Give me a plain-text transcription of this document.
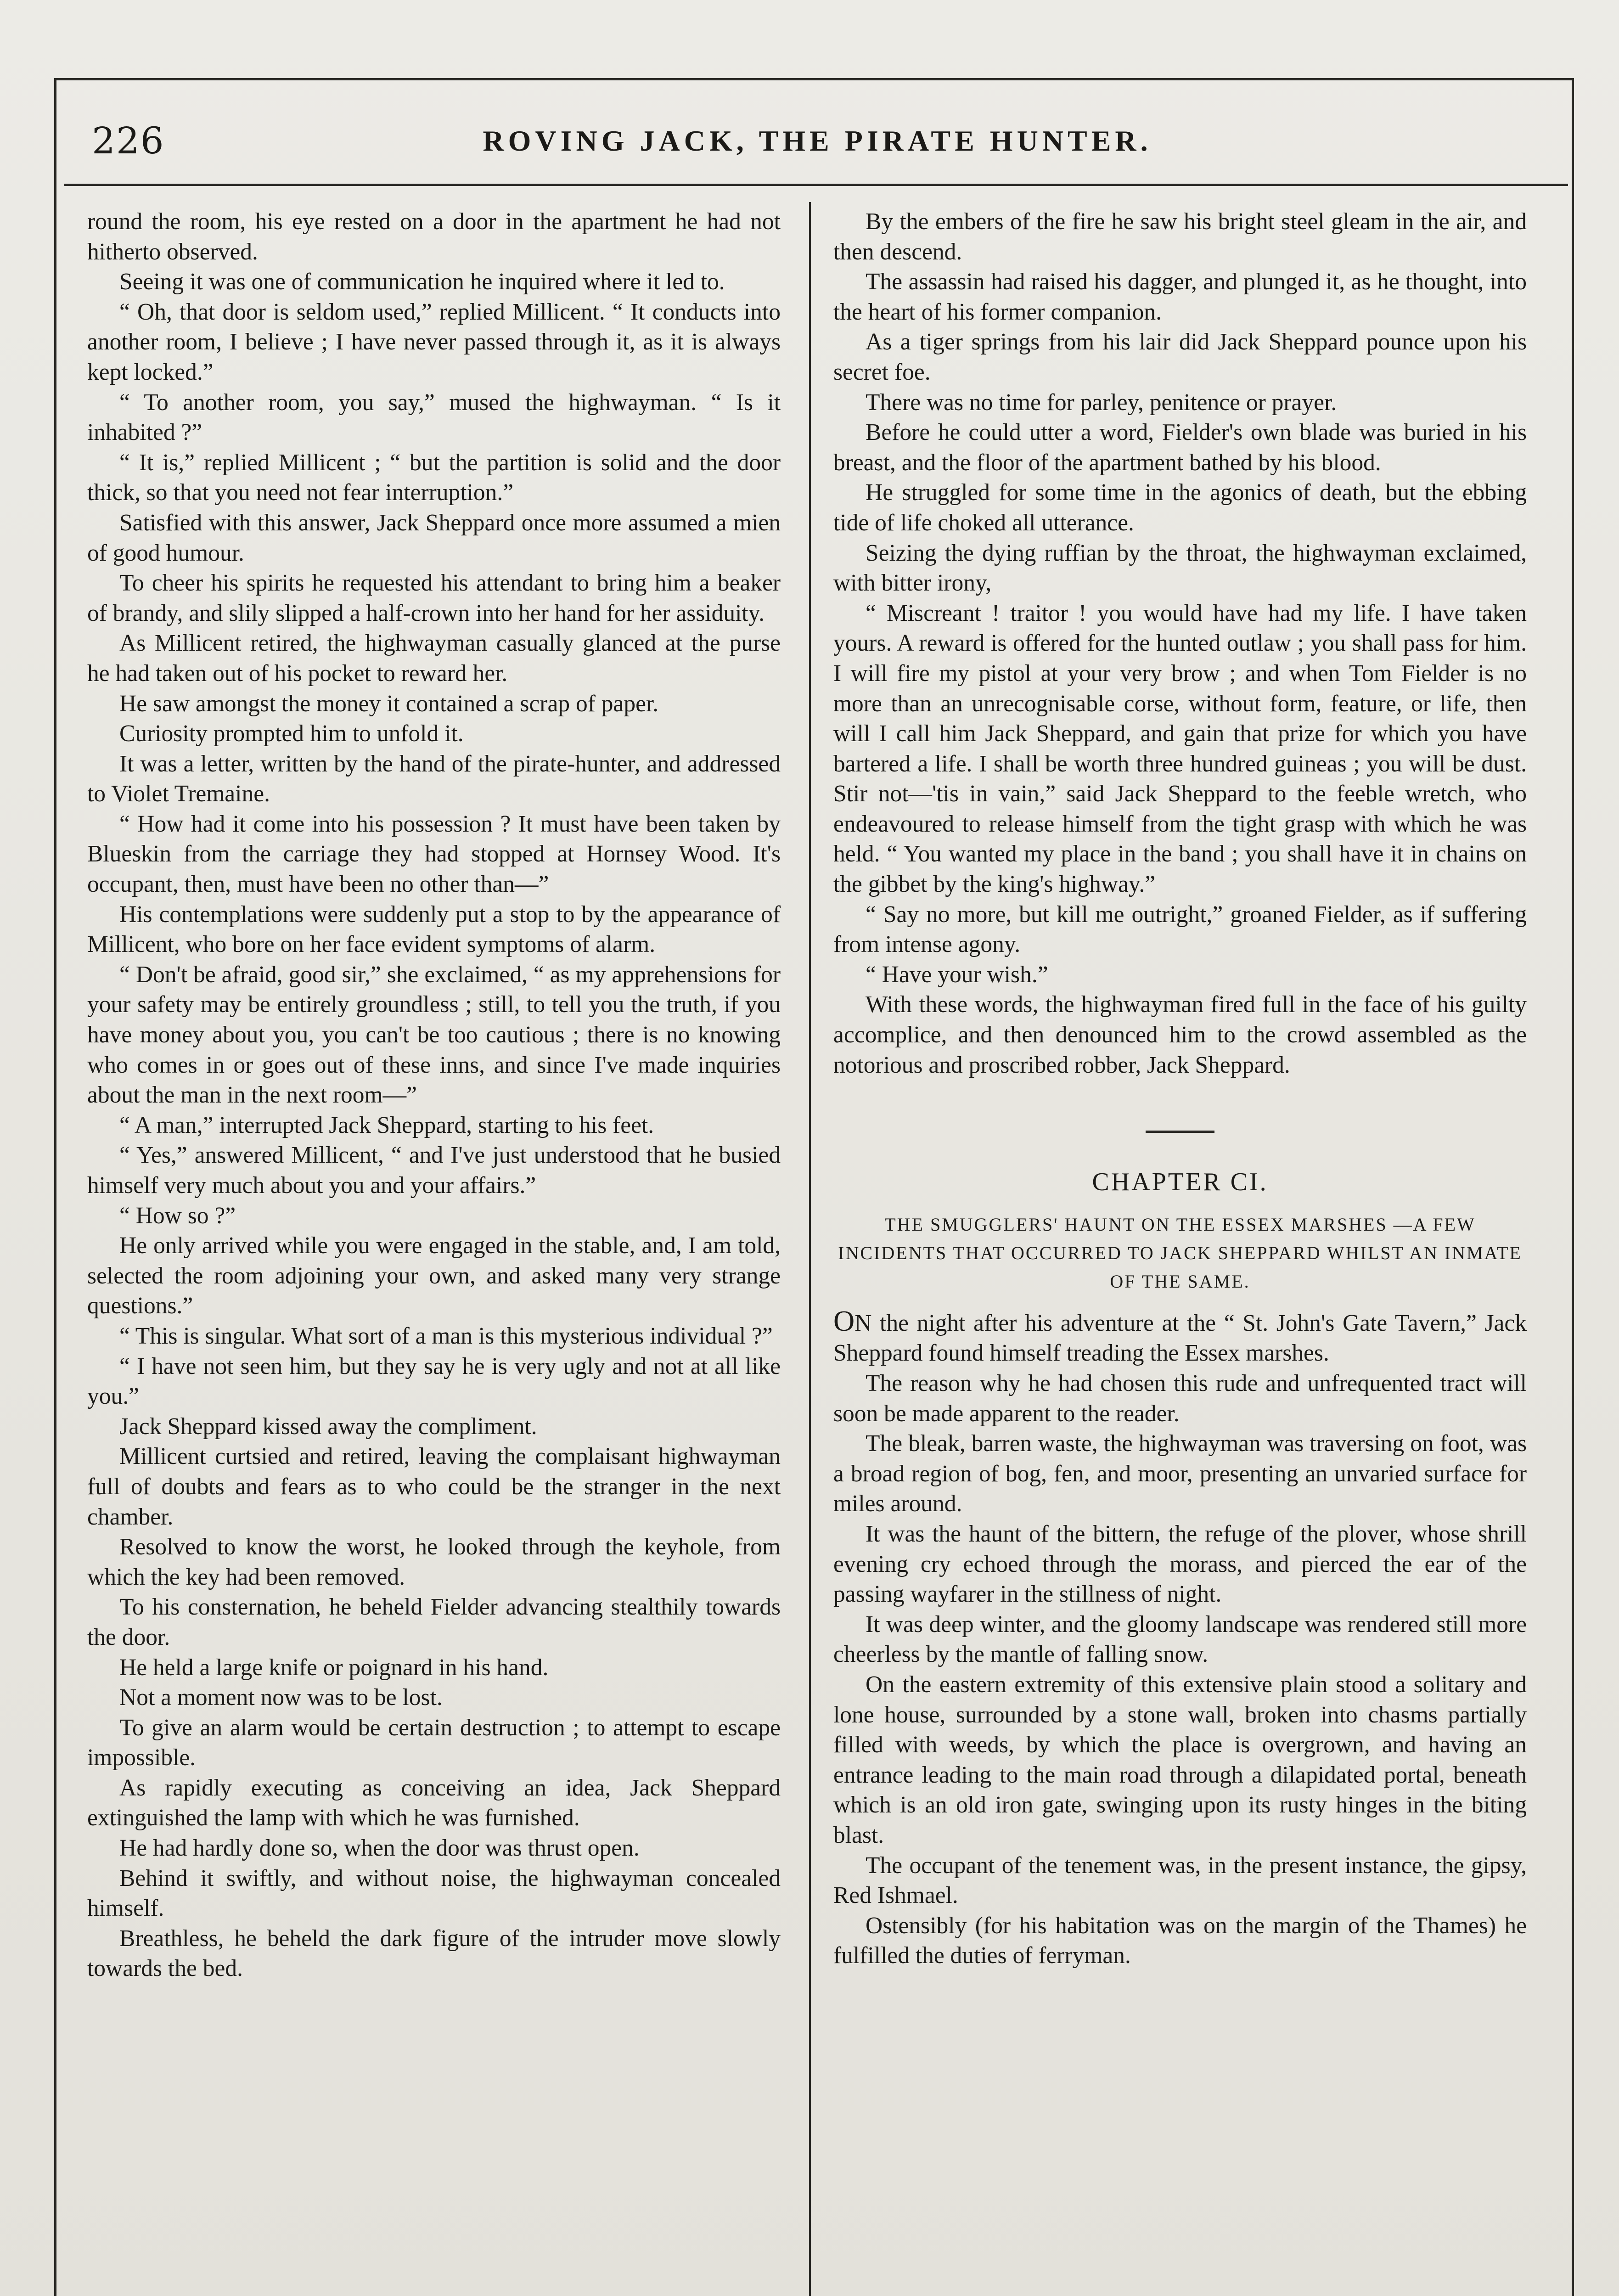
226	ROVING JACK, THE PIRATE HUNTER.

round the room, his eye rested on a door in the apartment he had not hitherto observed.

Seeing it was one of communication he inquired where it led to.

“ Oh, that door is seldom used,” replied Millicent. “ It conducts into another room, I believe ; I have never passed through it, as it is always kept locked.”

“ To another room, you say,” mused the highwayman. “ Is it inhabited ?”

“ It is,” replied Millicent ; “ but the partition is solid and the door thick, so that you need not fear interruption.”

Satisfied with this answer, Jack Sheppard once more assumed a mien of good humour.

To cheer his spirits he requested his attendant to bring him a beaker of brandy, and slily slipped a half-crown into her hand for her assiduity.

As Millicent retired, the highwayman casually glanced at the purse he had taken out of his pocket to reward her.

He saw amongst the money it contained a scrap of paper.

Curiosity prompted him to unfold it.

It was a letter, written by the hand of the pirate-hunter, and addressed to Violet Tremaine.

“ How had it come into his possession ? It must have been taken by Blueskin from the carriage they had stopped at Hornsey Wood. It's occupant, then, must have been no other than—”

His contemplations were suddenly put a stop to by the appearance of Millicent, who bore on her face evident symptoms of alarm.

“ Don't be afraid, good sir,” she exclaimed, “ as my apprehensions for your safety may be entirely groundless ; still, to tell you the truth, if you have money about you, you can't be too cautious ; there is no knowing who comes in or goes out of these inns, and since I've made inquiries about the man in the next room—”

“ A man,” interrupted Jack Sheppard, starting to his feet.

“ Yes,” answered Millicent, “ and I've just understood that he busied himself very much about you and your affairs.”

“ How so ?”

He only arrived while you were engaged in the stable, and, I am told, selected the room adjoining your own, and asked many very strange questions.”

“ This is singular. What sort of a man is this mysterious individual ?”

“ I have not seen him, but they say he is very ugly and not at all like you.”

Jack Sheppard kissed away the compliment.

Millicent curtsied and retired, leaving the complaisant highwayman full of doubts and fears as to who could be the stranger in the next chamber.

Resolved to know the worst, he looked through the keyhole, from which the key had been removed.

To his consternation, he beheld Fielder advancing stealthily towards the door.

He held a large knife or poignard in his hand.

Not a moment now was to be lost.

To give an alarm would be certain destruction ; to attempt to escape impossible.

As rapidly executing as conceiving an idea, Jack Sheppard extinguished the lamp with which he was furnished.

He had hardly done so, when the door was thrust open.

Behind it swiftly, and without noise, the highwayman concealed himself.

Breathless, he beheld the dark figure of the intruder move slowly towards the bed.

By the embers of the fire he saw his bright steel gleam in the air, and then descend.

The assassin had raised his dagger, and plunged it, as he thought, into the heart of his former companion.

As a tiger springs from his lair did Jack Sheppard pounce upon his secret foe.

There was no time for parley, penitence or prayer.

Before he could utter a word, Fielder's own blade was buried in his breast, and the floor of the apartment bathed by his blood.

He struggled for some time in the agonics of death, but the ebbing tide of life choked all utterance.

Seizing the dying ruffian by the throat, the highwayman exclaimed, with bitter irony,

“ Miscreant ! traitor ! you would have had my life. I have taken yours. A reward is offered for the hunted outlaw ; you shall pass for him. I will fire my pistol at your very brow ; and when Tom Fielder is no more than an unrecognisable corse, without form, feature, or life, then will I call him Jack Sheppard, and gain that prize for which you have bartered a life. I shall be worth three hundred guineas ; you will be dust. Stir not—'tis in vain,” said Jack Sheppard to the feeble wretch, who endeavoured to release himself from the tight grasp with which he was held. “ You wanted my place in the band ; you shall have it in chains on the gibbet by the king's highway.”

“ Say no more, but kill me outright,” groaned Fielder, as if suffering from intense agony.

“ Have your wish.”

With these words, the highwayman fired full in the face of his guilty accomplice, and then denounced him to the crowd assembled as the notorious and proscribed robber, Jack Sheppard.

CHAPTER CI.
THE SMUGGLERS' HAUNT ON THE ESSEX MARSHES —A FEW INCIDENTS THAT OCCURRED TO JACK SHEPPARD WHILST AN INMATE OF THE SAME.

ON the night after his adventure at the “ St. John's Gate Tavern,” Jack Sheppard found himself treading the Essex marshes.

The reason why he had chosen this rude and unfrequented tract will soon be made apparent to the reader.

The bleak, barren waste, the highwayman was traversing on foot, was a broad region of bog, fen, and moor, presenting an unvaried surface for miles around.

It was the haunt of the bittern, the refuge of the plover, whose shrill evening cry echoed through the morass, and pierced the ear of the passing wayfarer in the stillness of night.

It was deep winter, and the gloomy landscape was rendered still more cheerless by the mantle of falling snow.

On the eastern extremity of this extensive plain stood a solitary and lone house, surrounded by a stone wall, broken into chasms partially filled with weeds, by which the place is overgrown, and having an entrance leading to the main road through a dilapidated portal, beneath which is an old iron gate, swinging upon its rusty hinges in the biting blast.

The occupant of the tenement was, in the present instance, the gipsy, Red Ishmael.

Ostensibly (for his habitation was on the margin of the Thames) he fulfilled the duties of ferryman.
